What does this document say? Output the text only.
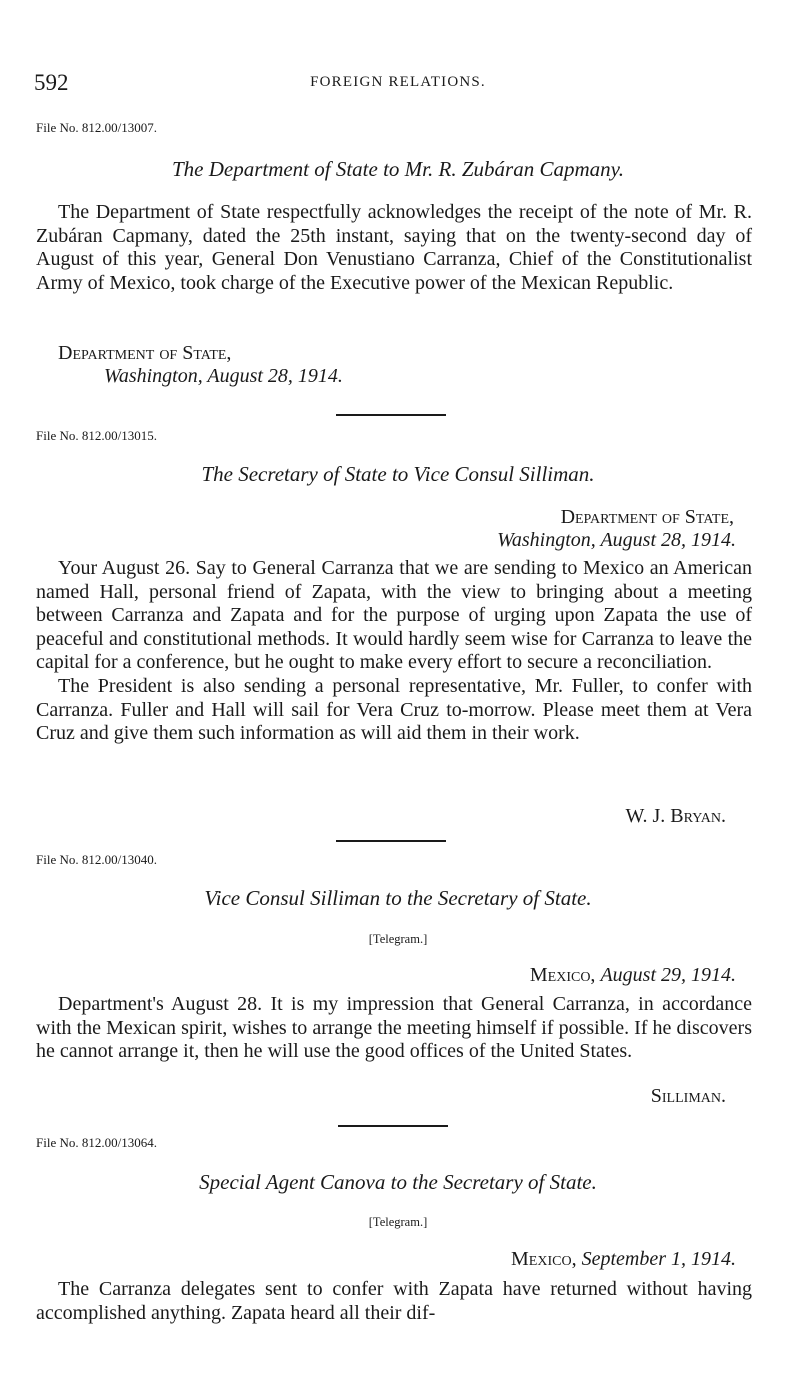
592	FOREIGN RELATIONS.
File No. 812.00/13007.
The Department of State to Mr. R. Zubáran Capmany.

The Department of State respectfully acknowledges the receipt of the note of Mr. R. Zubáran Capmany, dated the 25th instant, saying that on the twenty-second day of August of this year, General Don Venustiano Carranza, Chief of the Constitutionalist Army of Mexico, took charge of the Executive power of the Mexican Republic.

Department of State,
Washington, August 28, 1914.
File No. 812.00/13015.
The Secretary of State to Vice Consul Silliman.
Department of State,
Washington, August 28, 1914.

Your August 26. Say to General Carranza that we are sending to Mexico an American named Hall, personal friend of Zapata, with the view to bringing about a meeting between Carranza and Zapata and for the purpose of urging upon Zapata the use of peaceful and constitutional methods. It would hardly seem wise for Carranza to leave the capital for a conference, but he ought to make every effort to secure a reconciliation.

The President is also sending a personal representative, Mr. Fuller, to confer with Carranza. Fuller and Hall will sail for Vera Cruz to-morrow. Please meet them at Vera Cruz and give them such information as will aid them in their work.

W. J. Bryan.
File No. 812.00/13040.
Vice Consul Silliman to the Secretary of State.
[Telegram.]
Mexico, August 29, 1914.

Department's August 28. It is my impression that General Carranza, in accordance with the Mexican spirit, wishes to arrange the meeting himself if possible. If he discovers he cannot arrange it, then he will use the good offices of the United States.

Silliman.
File No. 812.00/13064.
Special Agent Canova to the Secretary of State.
[Telegram.]
Mexico, September 1, 1914.

The Carranza delegates sent to confer with Zapata have returned without having accomplished anything. Zapata heard all their dif-
